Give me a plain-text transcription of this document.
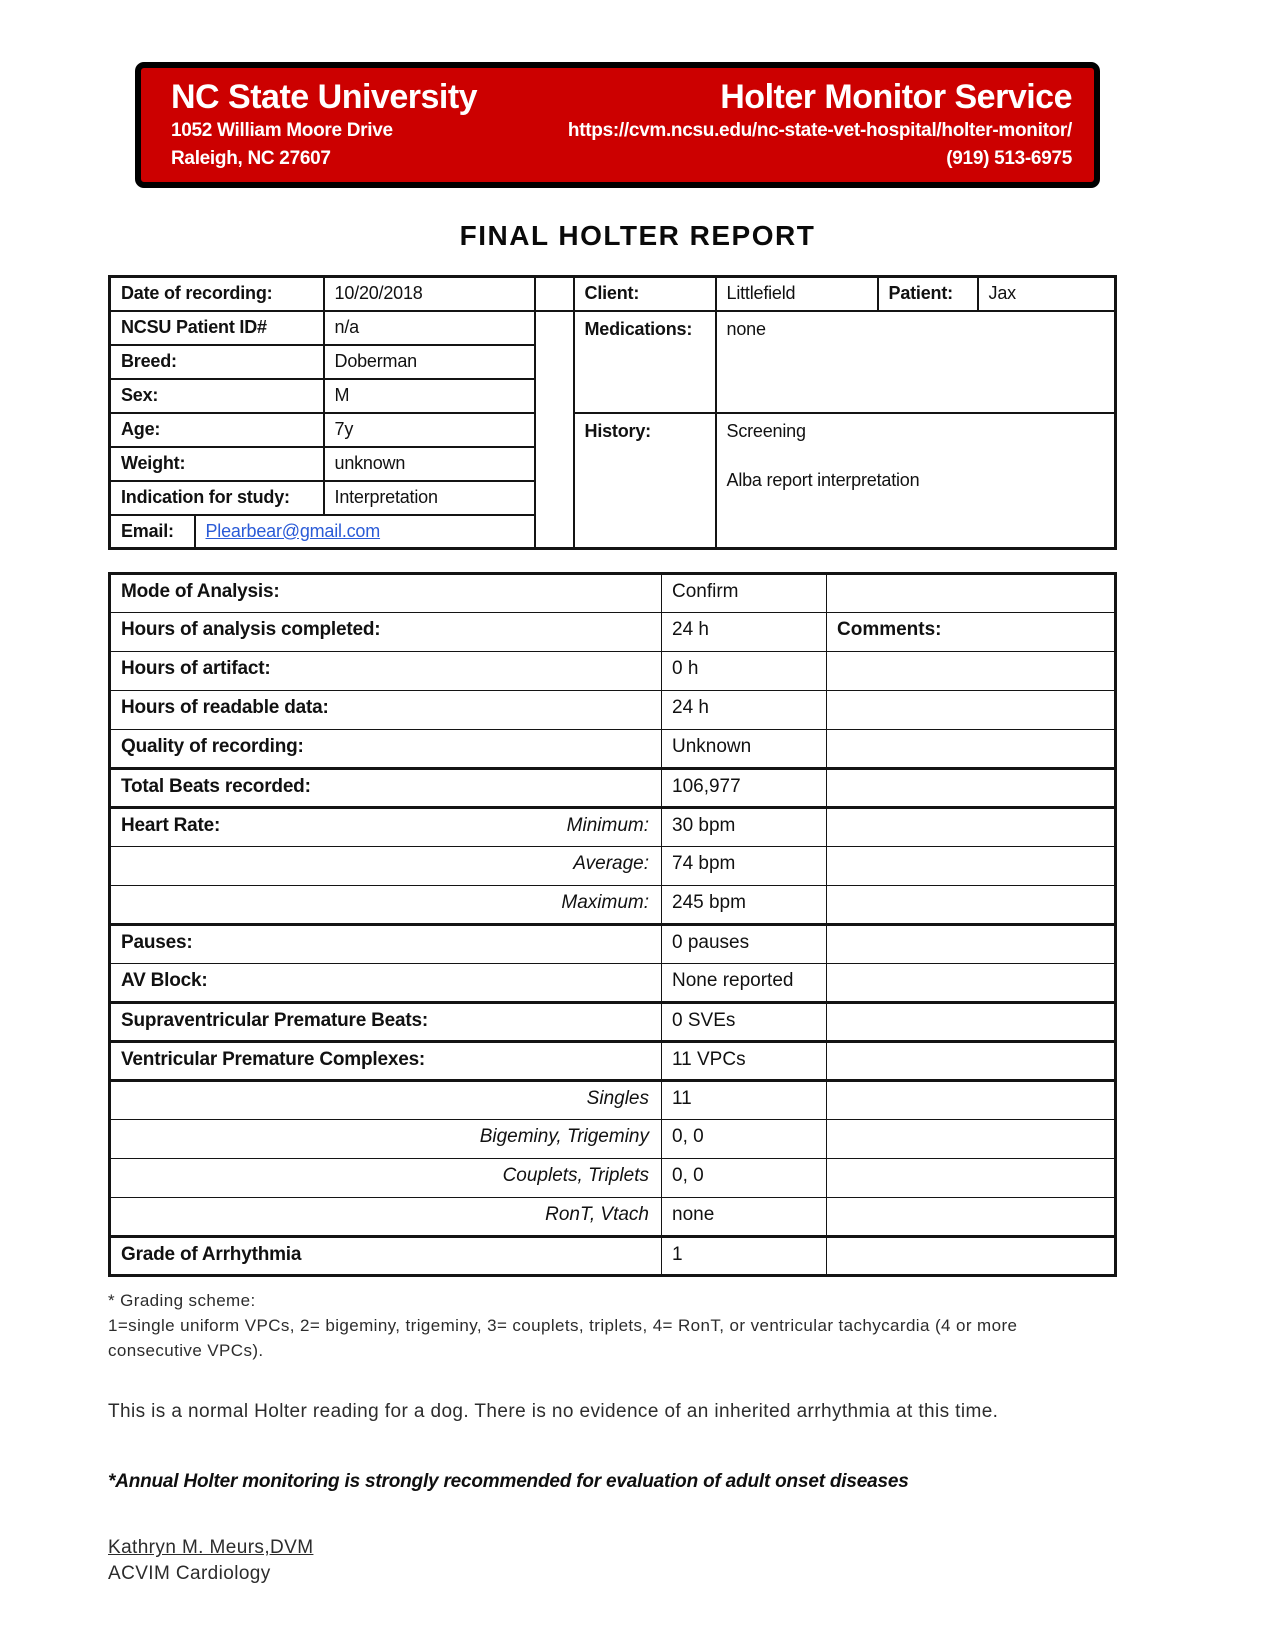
NC State University
1052 William Moore Drive
Raleigh, NC 27607
Holter Monitor Service
https://cvm.ncsu.edu/nc-state-vet-hospital/holter-monitor/
(919) 513-6975
FINAL HOLTER REPORT
Date of recording:		10/20/2018		Client:	Littlefield	Patient:	Jax
NCSU Patient ID#		n/a		Medications:	none		
Breed:		Doberman					
Sex:		M					
Age:		7y		History:	Screening

Alba report interpretation		

Weight:		unknown					
Indication for study:		Interpretation					
Email:	Plearbear@gmail.com						
Mode of Analysis:	Confirm	

Hours of analysis completed:	24 h	Comments:

Hours of artifact:	0 h	

Hours of readable data:	24 h	

Quality of recording:	Unknown	

Total Beats recorded:	106,977	

Heart Rate: Minimum:	30 bpm	

Average:	74 bpm	

Maximum:	245 bpm	

Pauses:	0 pauses	

AV Block:	None reported	

Supraventricular Premature Beats:	0 SVEs	

Ventricular Premature Complexes:	11 VPCs	

Singles	11	

Bigeminy, Trigeminy	0, 0	

Couplets, Triplets	0, 0	

RonT, Vtach	none	

Grade of Arrhythmia	1	
* Grading scheme:
1=single uniform VPCs, 2= bigeminy, trigeminy, 3= couplets, triplets, 4= RonT, or ventricular tachycardia (4 or more consecutive VPCs).
This is a normal Holter reading for a dog. There is no evidence of an inherited arrhythmia at this time.
*Annual Holter monitoring is strongly recommended for evaluation of adult onset diseases
Kathryn M. Meurs,DVM
ACVIM Cardiology
